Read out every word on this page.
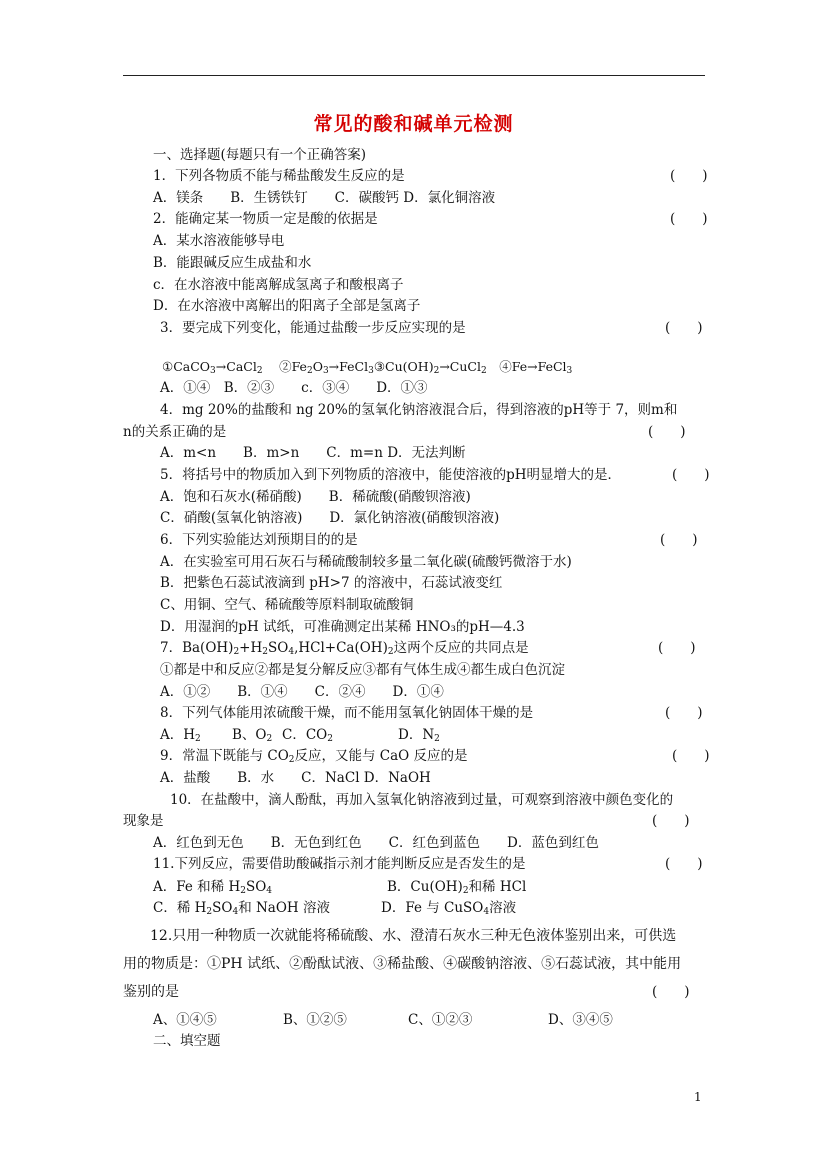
常见的酸和碱单元检测
一、选择题(每题只有一个正确答案)
1．下列各物质不能与稀盐酸发生反应的是	(　　)
A．镁条　　B．生锈铁钉　　C．碳酸钙 D．氯化铜溶液
2．能确定某一物质一定是酸的依据是	(　　)
A．某水溶液能够导电
B．能跟碱反应生成盐和水
c．在水溶液中能离解成氢离子和酸根离子
D．在水溶液中离解出的阳离子全部是氢离子
3．要完成下列变化，能通过盐酸一步反应实现的是	(　　)
①CaCO$_3$→CaCl$_2$　 $②Fe_2O_3\to FeCl_3③Cu(OH)_2\to CuCl_2$　 ④Fe→FeCl$_3$
A．①④　B．②③　　c．③④　　D．①③
4．mg 20%的盐酸和 ng 20%的氢氧化钠溶液混合后，得到溶液的pH等于 7，则m和
n的关系正确的是	(　　)
A．m<n　　B．m>n　　C．m=n D．无法判断
5．将括号中的物质加入到下列物质的溶液中，能使溶液的pH明显增大的是．	(　　)
A．饱和石灰水(稀硝酸)　　B．稀硫酸(硝酸钡溶液)
C．硝酸(氢氧化钠溶液)　　D．氯化钠溶液(硝酸钡溶液)
6．下列实验能达刘预期目的的是	(　　)
A．在实验室可用石灰石与稀硫酸制较多量二氧化碳(硫酸钙微溶于水)
B．把紫色石蕊试液滴到 pH>7 的溶液中，石蕊试液变红
C、用铜、空气、稀硫酸等原料制取硫酸铜
D．用湿润的pH 试纸，可准确测定出某稀 HNO₃的pH—4.3
7．$Ba(OH)_2+H_2SO_4,HCl+Ca(OH)_2$这两个反应的共同点是	(　　)
①都是中和反应②都是复分解反应③都有气体生成④都生成白色沉淀
A．①②　　B．①④　　C．②④　　D．①④
8．下列气体能用浓硫酸干燥，而不能用氢氧化钠固体干燥的是	(　　)
A．$H_2$ B、$O_2$ C．$CO_2$	D．$N_2$
9．常温下既能与 $CO_2$反应，又能与 CaO 反应的是	(　　)
A．盐酸　　B．水　　C．NaCl D．NaOH
10．在盐酸中，滴人酚酞，再加入氢氧化钠溶液到过量，可观察到溶液中颜色变化的
现象是	(　　)
A．红色到无色　　B．无色到红色　　C．红色到蓝色　　D．蓝色到红色
11.下列反应，需要借助酸碱指示剂才能判断反应是否发生的是	(　　)
A．Fe 和稀 $H_2SO_4$	B．$Cu(OH)_2$和稀 HCl
C．稀 $H_2SO_4$和 NaOH 溶液	D．Fe 与 CuSO$_4$溶液
12.只用一种物质一次就能将稀硫酸、水、澄清石灰水三种无色液体鉴别出来，可供选
用的物质是：①PH 试纸、②酚酞试液、③稀盐酸、④碳酸钠溶液、⑤石蕊试液，其中能用
鉴别的是	(　　)
A、①④⑤	B、①②⑤	C、①②③	D、③④⑤
二、填空题
1
